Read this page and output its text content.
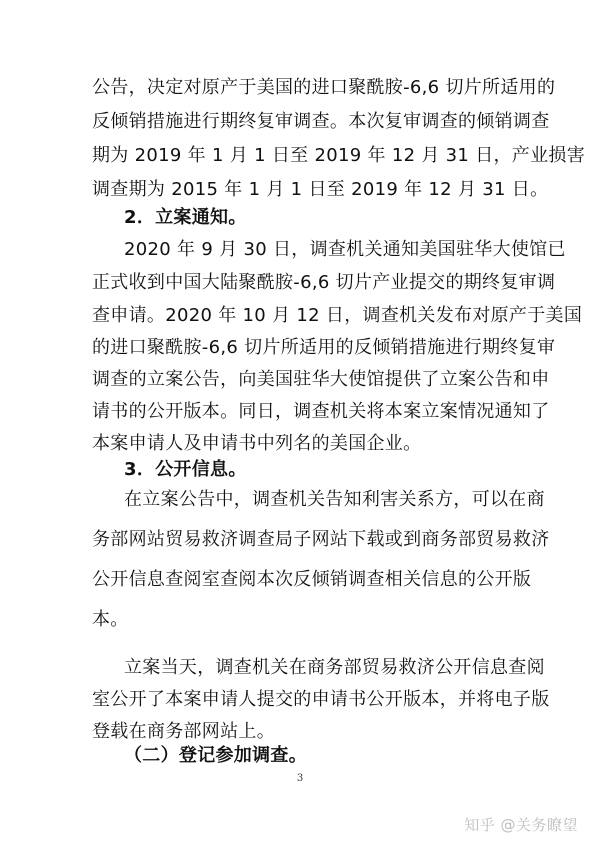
公告，决定对原产于美国的进口聚酰胺-6,6 切片所适用的
反倾销措施进行期终复审调查。本次复审调查的倾销调查
期为 2019 年 1 月 1 日至 2019 年 12 月 31 日，产业损害
调查期为 2015 年 1 月 1 日至 2019 年 12 月 31 日。
2．立案通知。
2020 年 9 月 30 日，调查机关通知美国驻华大使馆已
正式收到中国大陆聚酰胺-6,6 切片产业提交的期终复审调
查申请。2020 年 10 月 12 日，调查机关发布对原产于美国
的进口聚酰胺-6,6 切片所适用的反倾销措施进行期终复审
调查的立案公告，向美国驻华大使馆提供了立案公告和申
请书的公开版本。同日，调查机关将本案立案情况通知了
本案申请人及申请书中列名的美国企业。
3．公开信息。
在立案公告中，调查机关告知利害关系方，可以在商
务部网站贸易救济调查局子网站下载或到商务部贸易救济
公开信息查阅室查阅本次反倾销调查相关信息的公开版
本。
立案当天，调查机关在商务部贸易救济公开信息查阅
室公开了本案申请人提交的申请书公开版本，并将电子版
登载在商务部网站上。
（二）登记参加调查。
3
知乎 @关务瞭望
